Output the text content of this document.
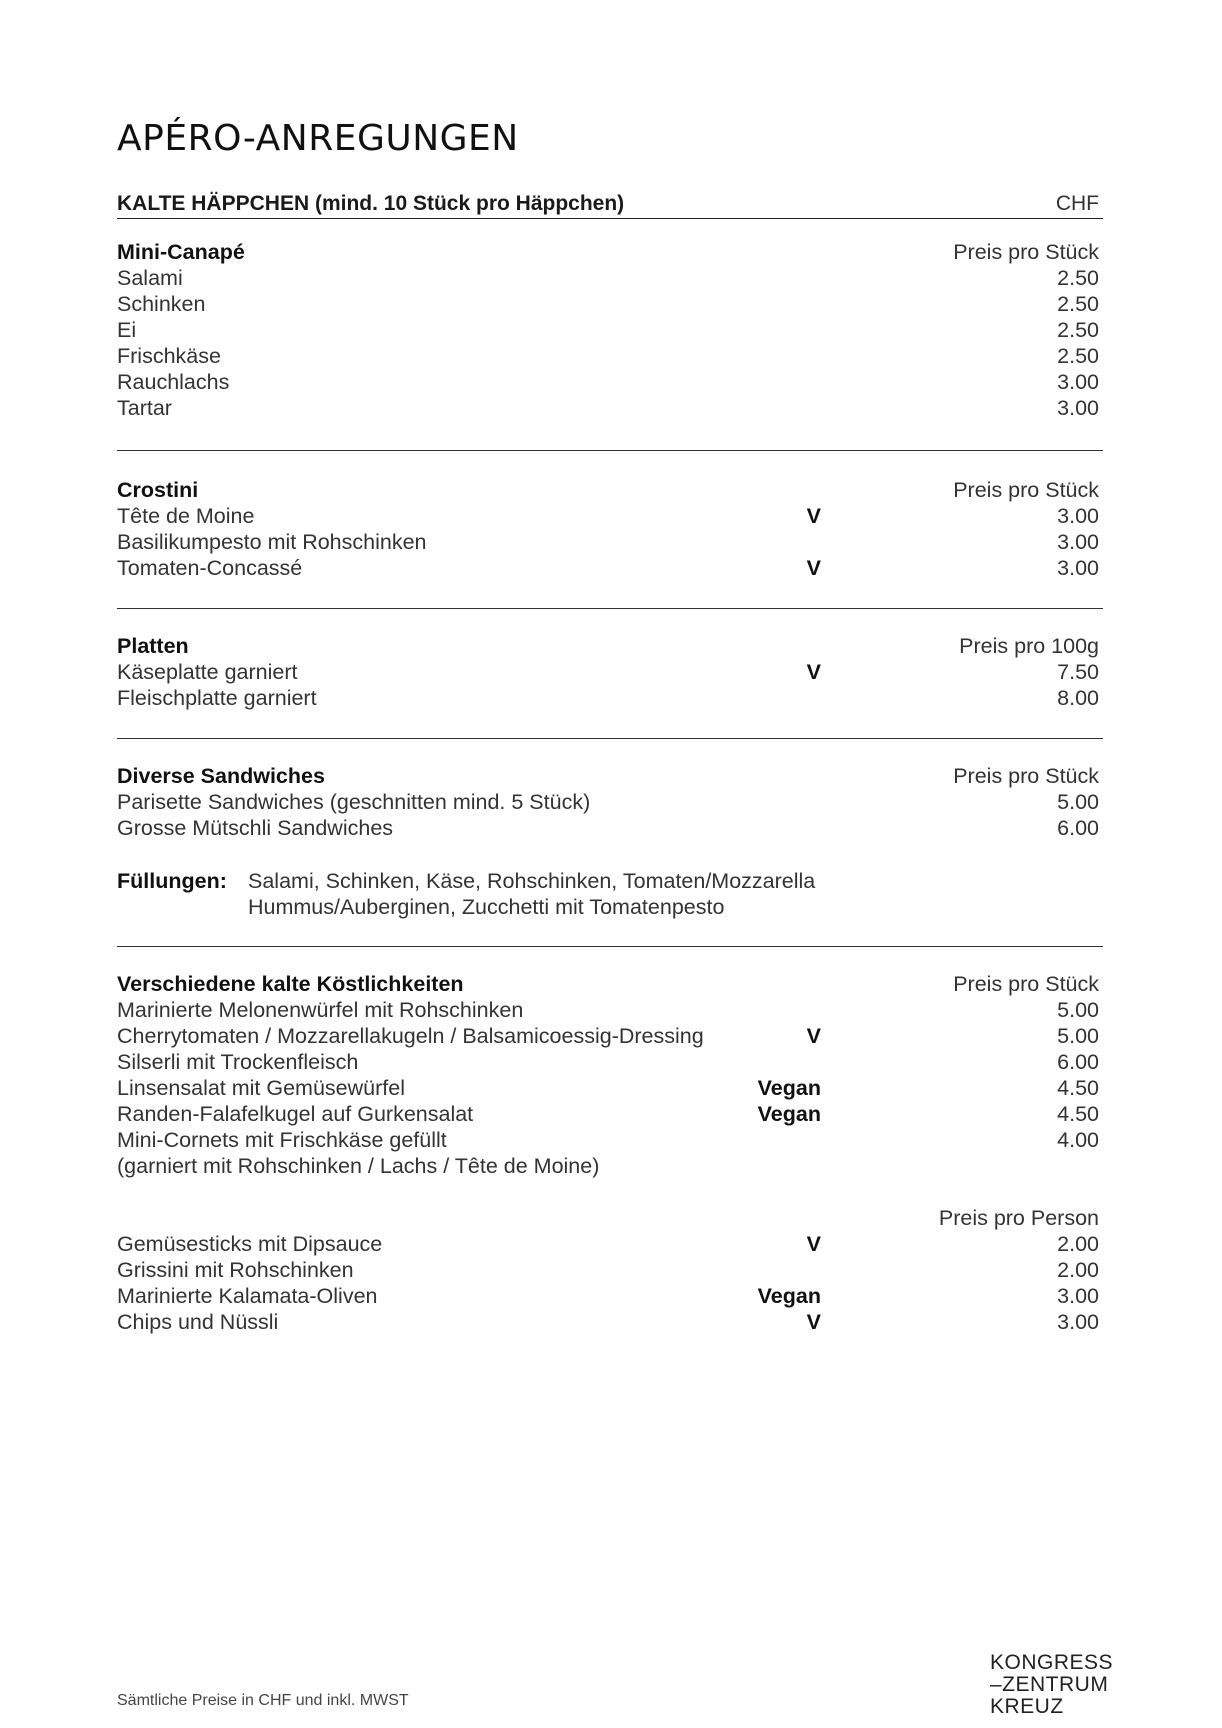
APÉRO-ANREGUNGEN
KALTE HÄPPCHEN (mind. 10 Stück pro Häppchen)	CHF
Mini-Canapé	Preis pro Stück
Salami	2.50
Schinken	2.50
Ei	2.50
Frischkäse	2.50
Rauchlachs	3.00
Tartar	3.00
Crostini	Preis pro Stück
Tête de Moine	V	3.00
Basilikumpesto mit Rohschinken	3.00
Tomaten-Concassé	V	3.00
Platten	Preis pro 100g
Käseplatte garniert	V	7.50
Fleischplatte garniert	8.00
Diverse Sandwiches	Preis pro Stück
Parisette Sandwiches (geschnitten mind. 5 Stück)	5.00
Grosse Mütschli Sandwiches	6.00
Füllungen: Salami, Schinken, Käse, Rohschinken, Tomaten/Mozzarella
Hummus/Auberginen, Zucchetti mit Tomatenpesto
Verschiedene kalte Köstlichkeiten	Preis pro Stück
Marinierte Melonenwürfel mit Rohschinken	5.00
Cherrytomaten / Mozzarellakugeln / Balsamicoessig-Dressing	V	5.00
Silserli mit Trockenfleisch	6.00
Linsensalat mit Gemüsewürfel	Vegan	4.50
Randen-Falafelkugel auf Gurkensalat	Vegan	4.50
Mini-Cornets mit Frischkäse gefüllt	4.00
(garniert mit Rohschinken / Lachs / Tête de Moine)
Preis pro Person
Gemüsesticks mit Dipsauce	V	2.00
Grissini mit Rohschinken	2.00
Marinierte Kalamata-Oliven	Vegan	3.00
Chips und Nüssli	V	3.00
Sämtliche Preise in CHF und inkl. MWST
KONGRESS
–ZENTRUM
KREUZ
